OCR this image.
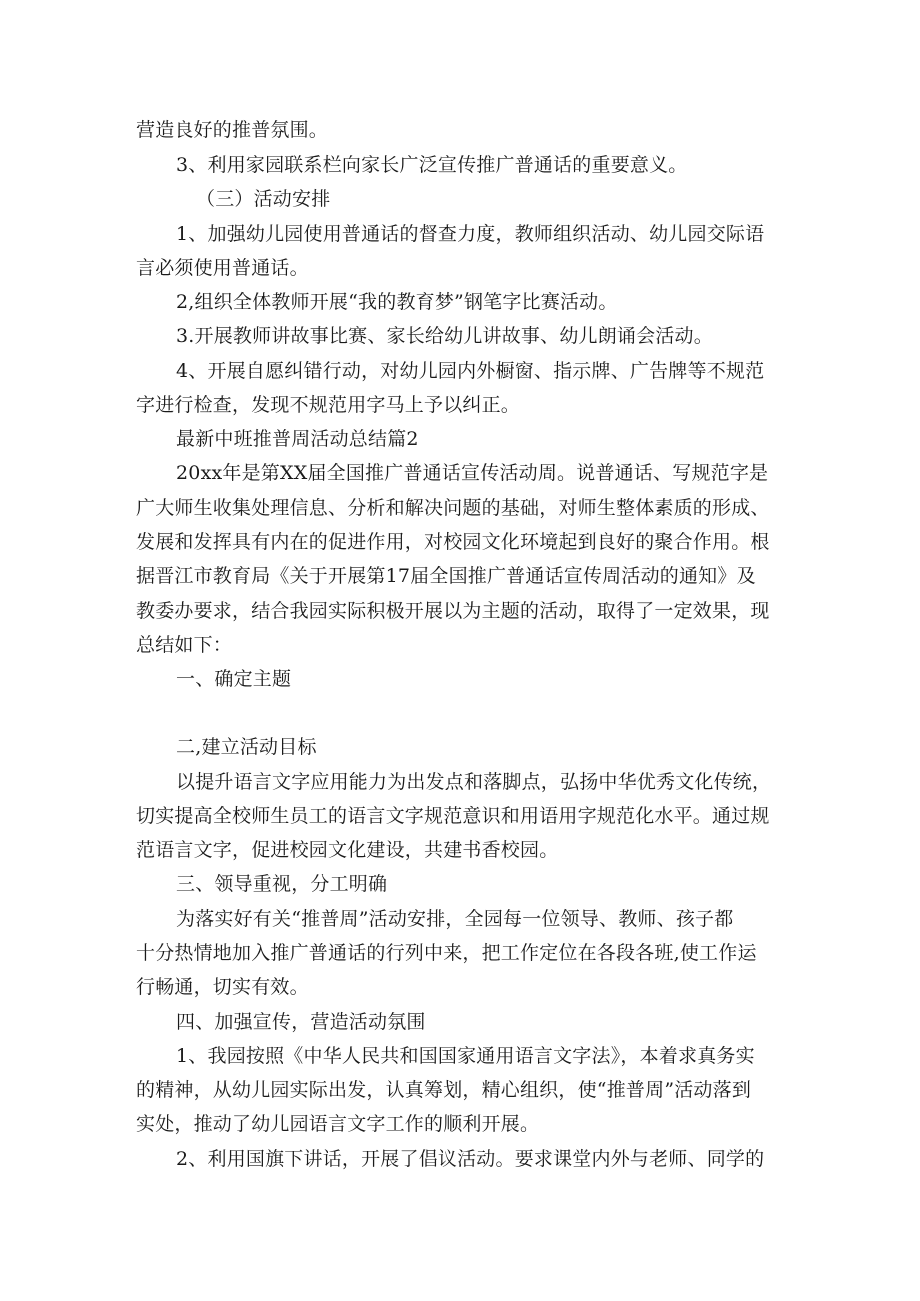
营造良好的推普氛围。
3、利用家园联系栏向家长广泛宣传推广普通话的重要意义。
（三）活动安排
1、加强幼儿园使用普通话的督查力度，教师组织活动、幼儿园交际语
言必须使用普通话。
2,组织全体教师开展“我的教育梦”钢笔字比赛活动。
3.开展教师讲故事比赛、家长给幼儿讲故事、幼儿朗诵会活动。
4、开展自愿纠错行动，对幼儿园内外橱窗、指示牌、广告牌等不规范
字进行检查，发现不规范用字马上予以纠正。
最新中班推普周活动总结篇2
20xx年是第XX届全国推广普通话宣传活动周。说普通话、写规范字是
广大师生收集处理信息、分析和解决问题的基础，对师生整体素质的形成、
发展和发挥具有内在的促进作用，对校园文化环境起到良好的聚合作用。根
据晋江市教育局《关于开展第17届全国推广普通话宣传周活动的通知》及
教委办要求，结合我园实际积极开展以为主题的活动，取得了一定效果，现
总结如下：
一、确定主题
二,建立活动目标
以提升语言文字应用能力为出发点和落脚点，弘扬中华优秀文化传统，
切实提高全校师生员工的语言文字规范意识和用语用字规范化水平。通过规
范语言文字，促进校园文化建设，共建书香校园。
三、领导重视，分工明确
为落实好有关“推普周”活动安排，全园每一位领导、教师、孩子都
十分热情地加入推广普通话的行列中来，把工作定位在各段各班,使工作运
行畅通，切实有效。
四、加强宣传，营造活动氛围
1、我园按照《中华人民共和国国家通用语言文字法》，本着求真务实
的精神，从幼儿园实际出发，认真筹划，精心组织，使“推普周”活动落到
实处，推动了幼儿园语言文字工作的顺利开展。
2、利用国旗下讲话，开展了倡议活动。要求课堂内外与老师、同学的
